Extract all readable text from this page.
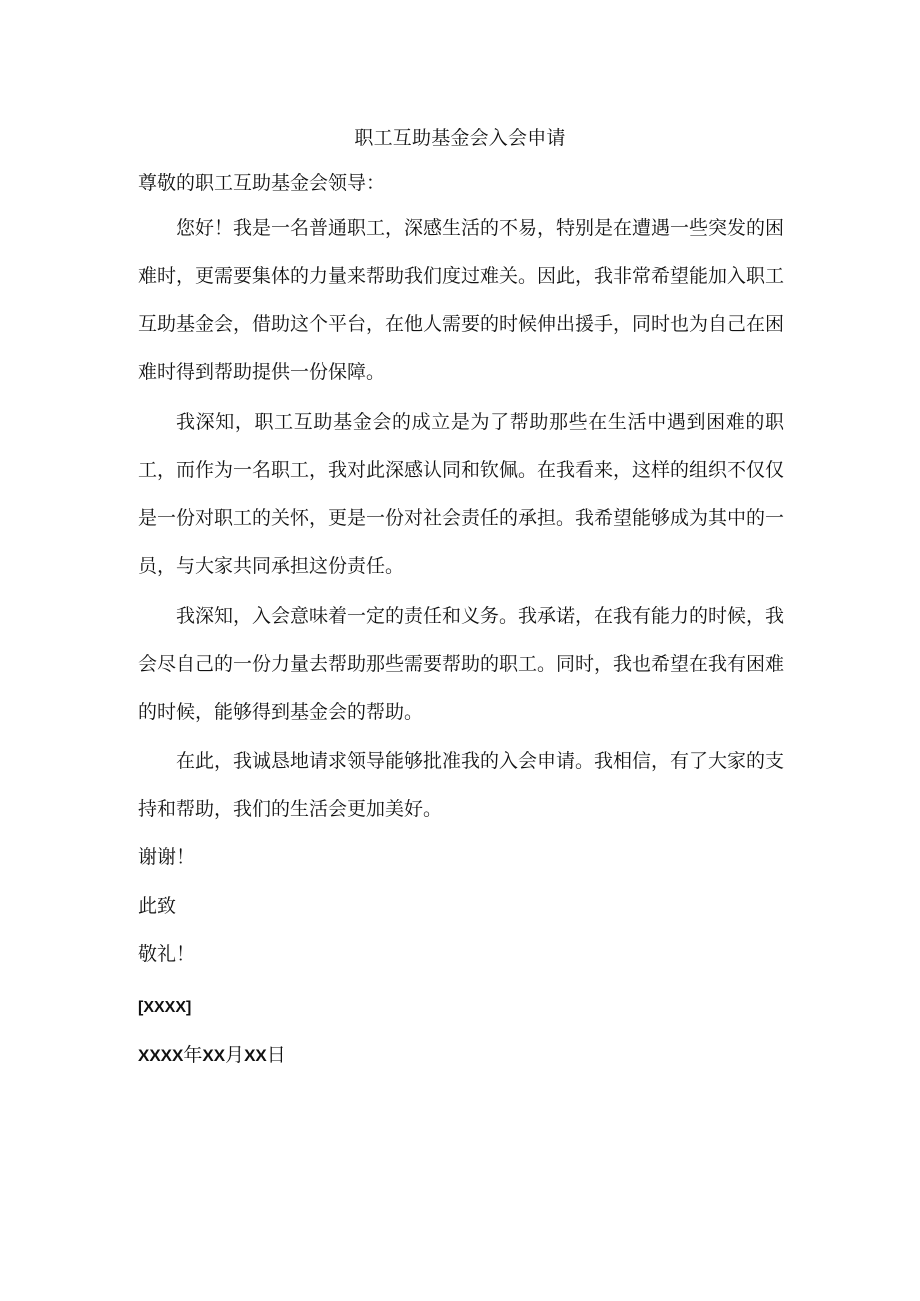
职工互助基金会入会申请
尊敬的职工互助基金会领导：

您好！我是一名普通职工，深感生活的不易，特别是在遭遇一些突发的困难时，更需要集体的力量来帮助我们度过难关。因此，我非常希望能加入职工互助基金会，借助这个平台，在他人需要的时候伸出援手，同时也为自己在困难时得到帮助提供一份保障。

我深知，职工互助基金会的成立是为了帮助那些在生活中遇到困难的职工，而作为一名职工，我对此深感认同和钦佩。在我看来，这样的组织不仅仅是一份对职工的关怀，更是一份对社会责任的承担。我希望能够成为其中的一员，与大家共同承担这份责任。

我深知，入会意味着一定的责任和义务。我承诺，在我有能力的时候，我会尽自己的一份力量去帮助那些需要帮助的职工。同时，我也希望在我有困难的时候，能够得到基金会的帮助。

在此，我诚恳地请求领导能够批准我的入会申请。我相信，有了大家的支持和帮助，我们的生活会更加美好。

谢谢！
此致
敬礼！
[XXXX]
XXXX年XX月XX日
